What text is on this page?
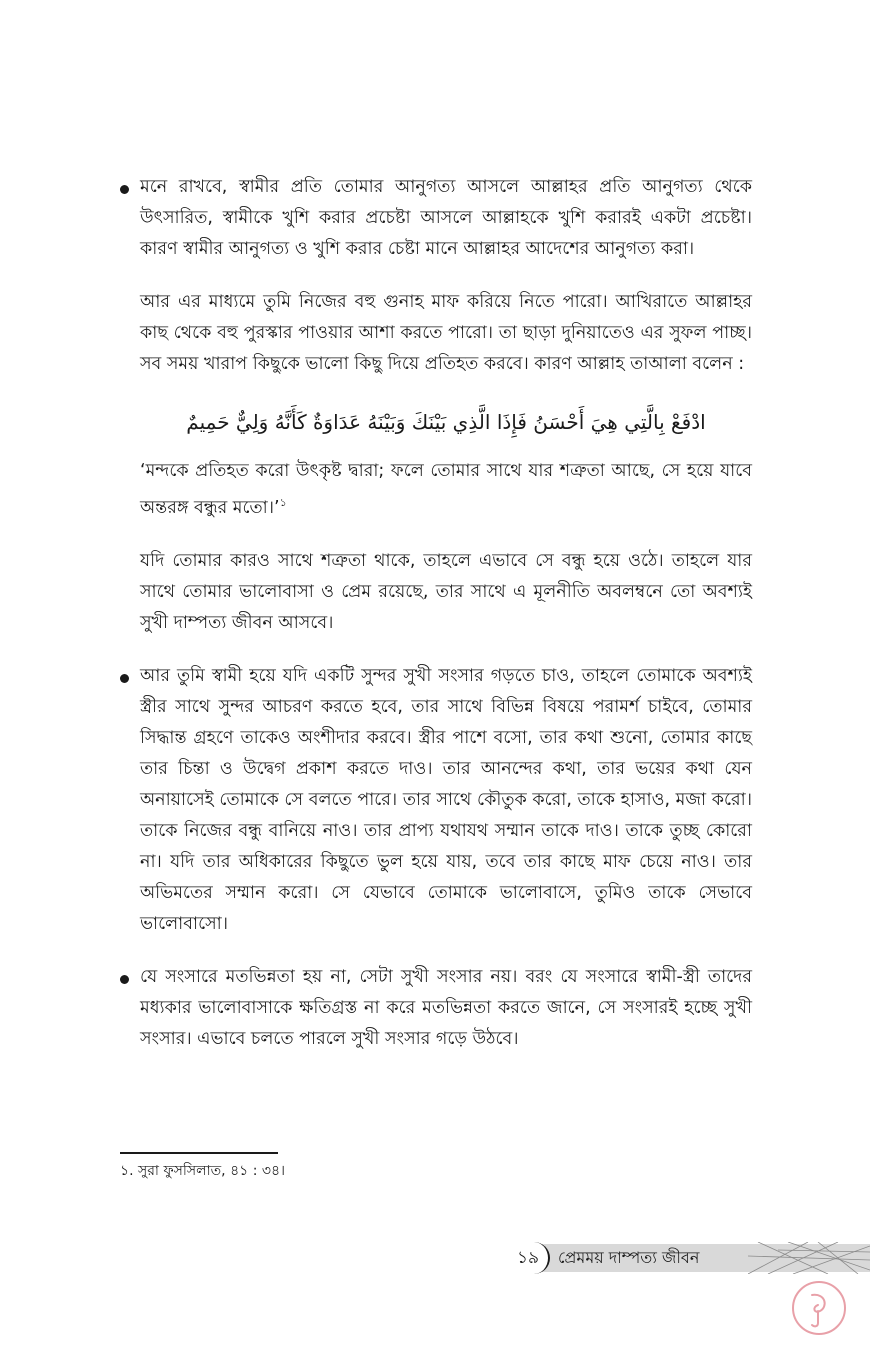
মনে রাখবে, স্বামীর প্রতি তোমার আনুগত্য আসলে আল্লাহর প্রতি আনুগত্য থেকে উৎসারিত, স্বামীকে খুশি করার প্রচেষ্টা আসলে আল্লাহকে খুশি করারই একটা প্রচেষ্টা। কারণ স্বামীর আনুগত্য ও খুশি করার চেষ্টা মানে আল্লাহর আদেশের আনুগত্য করা।

আর এর মাধ্যমে তুমি নিজের বহু গুনাহ মাফ করিয়ে নিতে পারো। আখিরাতে আল্লাহর কাছ থেকে বহু পুরস্কার পাওয়ার আশা করতে পারো। তা ছাড়া দুনিয়াতেও এর সুফল পাচ্ছ। সব সময় খারাপ কিছুকে ভালো কিছু দিয়ে প্রতিহত করবে। কারণ আল্লাহ তাআলা বলেন :

ادْفَعْ بِالَّتِي هِيَ أَحْسَنُ فَإِذَا الَّذِي بَيْنَكَ وَبَيْنَهُ عَدَاوَةٌ كَأَنَّهُ وَلِيٌّ حَمِيمٌ

‘মন্দকে প্রতিহত করো উৎকৃষ্ট দ্বারা; ফলে তোমার সাথে যার শত্রুতা আছে, সে হয়ে যাবে অন্তরঙ্গ বন্ধুর মতো।’$^১$

যদি তোমার কারও সাথে শত্রুতা থাকে, তাহলে এভাবে সে বন্ধু হয়ে ওঠে। তাহলে যার সাথে তোমার ভালোবাসা ও প্রেম রয়েছে, তার সাথে এ মূলনীতি অবলম্বনে তো অবশ্যই সুখী দাম্পত্য জীবন আসবে।

আর তুমি স্বামী হয়ে যদি একটি সুন্দর সুখী সংসার গড়তে চাও, তাহলে তোমাকে অবশ্যই স্ত্রীর সাথে সুন্দর আচরণ করতে হবে, তার সাথে বিভিন্ন বিষয়ে পরামর্শ চাইবে, তোমার সিদ্ধান্ত গ্রহণে তাকেও অংশীদার করবে। স্ত্রীর পাশে বসো, তার কথা শুনো, তোমার কাছে তার চিন্তা ও উদ্বেগ প্রকাশ করতে দাও। তার আনন্দের কথা, তার ভয়ের কথা যেন অনায়াসেই তোমাকে সে বলতে পারে। তার সাথে কৌতুক করো, তাকে হাসাও, মজা করো। তাকে নিজের বন্ধু বানিয়ে নাও। তার প্রাপ্য যথাযথ সম্মান তাকে দাও। তাকে তুচ্ছ কোরো না। যদি তার অধিকারের কিছুতে ভুল হয়ে যায়, তবে তার কাছে মাফ চেয়ে নাও। তার অভিমতের সম্মান করো। সে যেভাবে তোমাকে ভালোবাসে, তুমিও তাকে সেভাবে ভালোবাসো।

যে সংসারে মতভিন্নতা হয় না, সেটা সুখী সংসার নয়। বরং যে সংসারে স্বামী-স্ত্রী তাদের মধ্যকার ভালোবাসাকে ক্ষতিগ্রস্ত না করে মতভিন্নতা করতে জানে, সে সংসারই হচ্ছে সুখী সংসার। এভাবে চলতে পারলে সুখী সংসার গড়ে উঠবে।

১. সুরা ফুসসিলাত, ৪১ : ৩৪।
১৯	প্রেমময় দাম্পত্য জীবন
